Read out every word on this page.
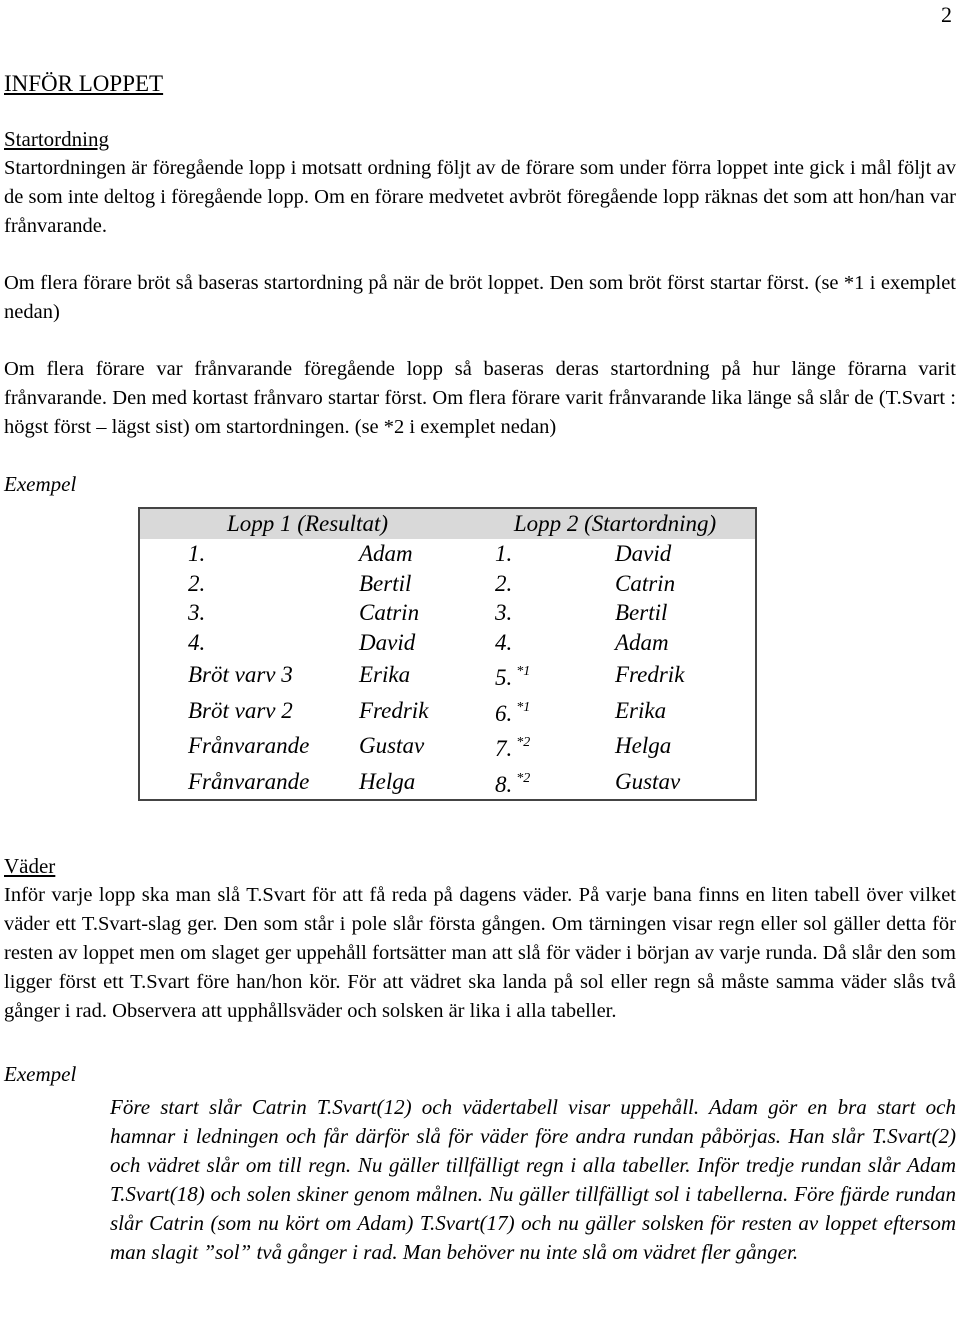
2
INFÖR LOPPET
Startordning

Startordningen är föregående lopp i motsatt ordning följt av de förare som under förra loppet inte gick i mål följt av de som inte deltog i föregående lopp. Om en förare medvetet avbröt föregående lopp räknas det som att hon/han var frånvarande.

Om flera förare bröt så baseras startordning på när de bröt loppet. Den som bröt först startar först. (se *1 i exemplet nedan)

Om flera förare var frånvarande föregående lopp så baseras deras startordning på hur länge förarna varit frånvarande. Den med kortast frånvaro startar först. Om flera förare varit frånvarande lika länge så slår de (T.Svart : högst först – lägst sist) om startordningen. (se *2 i exemplet nedan)

Exempel
Lopp 1 (Resultat)		Lopp 2 (Startordning)	
1.	Adam	1.	David
2.	Bertil	2.	Catrin
3.	Catrin	3.	Bertil
4.	David	4.	Adam
Bröt varv 3	Erika	5. $^{*1}$	Fredrik
Bröt varv 2	Fredrik	6. $^{*1}$	Erika
Frånvarande	Gustav	7. $^{*2}$	Helga
Frånvarande	Helga	8. $^{*2}$	Gustav
Väder

Inför varje lopp ska man slå T.Svart för att få reda på dagens väder. På varje bana finns en liten tabell över vilket väder ett T.Svart-slag ger. Den som står i pole slår första gången. Om tärningen visar regn eller sol gäller detta för resten av loppet men om slaget ger uppehåll fortsätter man att slå för väder i början av varje runda. Då slår den som ligger först ett T.Svart före han/hon kör. För att vädret ska landa på sol eller regn så måste samma väder slås två gånger i rad. Observera att upphållsväder och solsken är lika i alla tabeller.

Exempel
Före start slår Catrin T.Svart(12) och vädertabell visar uppehåll. Adam gör en bra start och hamnar i ledningen och får därför slå för väder före andra rundan påbörjas. Han slår T.Svart(2) och vädret slår om till regn. Nu gäller tillfälligt regn i alla tabeller. Inför tredje rundan slår Adam T.Svart(18) och solen skiner genom målnen. Nu gäller tillfälligt sol i tabellerna. Före fjärde rundan slår Catrin (som nu kört om Adam) T.Svart(17) och nu gäller solsken för resten av loppet eftersom man slagit ”sol” två gånger i rad. Man behöver nu inte slå om vädret fler gånger.
